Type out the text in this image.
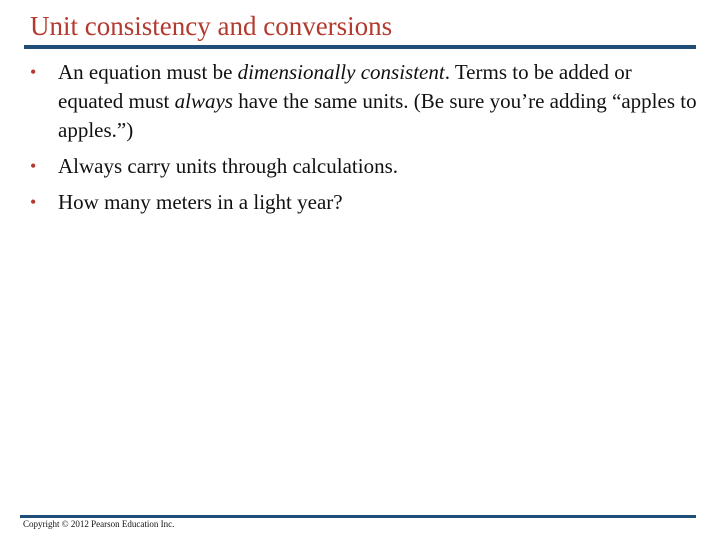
Unit consistency and conversions
• An equation must be dimensionally consistent. Terms to be added or equated must always have the same units. (Be sure you’re adding “apples to apples.”)
• Always carry units through calculations.
• How many meters in a light year?
Copyright © 2012 Pearson Education Inc.
